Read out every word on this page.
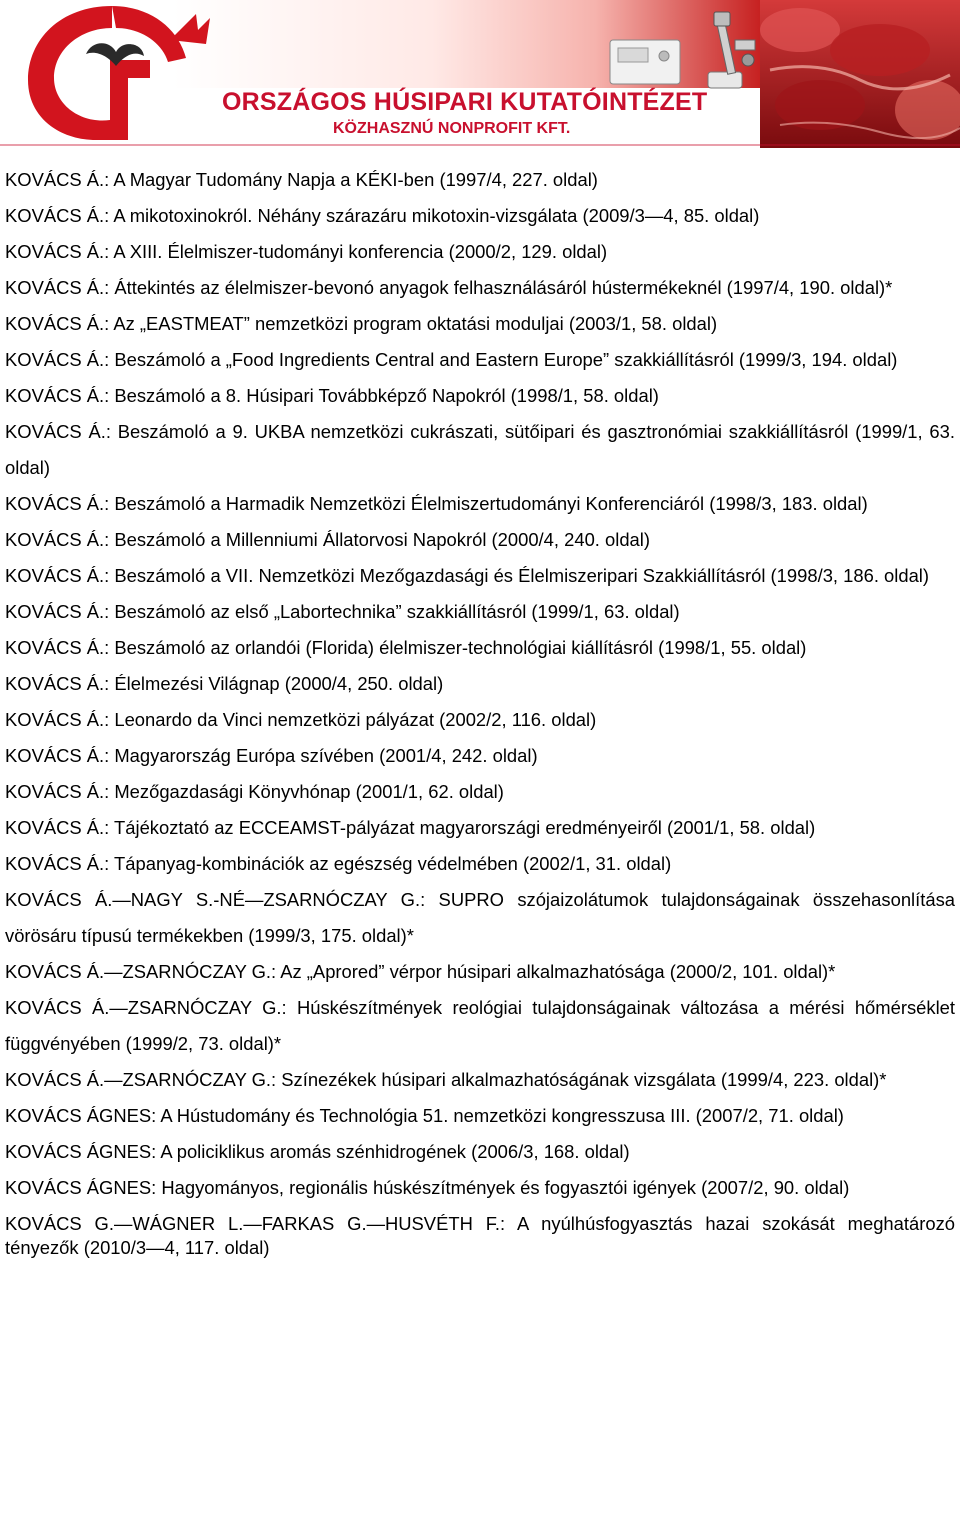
ORSZÁGOS HÚSIPARI KUTATÓINTÉZET
KÖZHASZNÚ NONPROFIT KFT.

KOVÁCS Á.: A Magyar Tudomány Napja a KÉKI-ben (1997/4, 227. oldal)

KOVÁCS Á.: A mikotoxinokról. Néhány szárazáru mikotoxin-vizsgálata (2009/3—4, 85. oldal)

KOVÁCS Á.: A XIII. Élelmiszer-tudományi konferencia (2000/2, 129. oldal)

KOVÁCS Á.: Áttekintés az élelmiszer-bevonó anyagok felhasználásáról hústermékeknél (1997/4, 190. oldal)*

KOVÁCS Á.: Az „EASTMEAT” nemzetközi program oktatási moduljai (2003/1, 58. oldal)

KOVÁCS Á.: Beszámoló a „Food Ingredients Central and Eastern Europe” szakkiállításról (1999/3, 194. oldal)

KOVÁCS Á.: Beszámoló a 8. Húsipari Továbbképző Napokról (1998/1, 58. oldal)

KOVÁCS Á.: Beszámoló a 9. UKBA nemzetközi cukrászati, sütőipari és gasztronómiai szakkiállításról (1999/1, 63. oldal)

KOVÁCS Á.: Beszámoló a Harmadik Nemzetközi Élelmiszertudományi Konferenciáról (1998/3, 183. oldal)

KOVÁCS Á.: Beszámoló a Millenniumi Állatorvosi Napokról (2000/4, 240. oldal)

KOVÁCS Á.: Beszámoló a VII. Nemzetközi Mezőgazdasági és Élelmiszeripari Szakkiállításról (1998/3, 186. oldal)

KOVÁCS Á.: Beszámoló az első „Labortechnika” szakkiállításról (1999/1, 63. oldal)

KOVÁCS Á.: Beszámoló az orlandói (Florida) élelmiszer-technológiai kiállításról (1998/1, 55. oldal)

KOVÁCS Á.: Élelmezési Világnap (2000/4, 250. oldal)

KOVÁCS Á.: Leonardo da Vinci nemzetközi pályázat (2002/2, 116. oldal)

KOVÁCS Á.: Magyarország Európa szívében (2001/4, 242. oldal)

KOVÁCS Á.: Mezőgazdasági Könyvhónap (2001/1, 62. oldal)

KOVÁCS Á.: Tájékoztató az ECCEAMST-pályázat magyarországi eredményeiről (2001/1, 58. oldal)

KOVÁCS Á.: Tápanyag-kombinációk az egészség védelmében (2002/1, 31. oldal)

KOVÁCS Á.—NAGY S.-NÉ—ZSARNÓCZAY G.: SUPRO szójaizolátumok tulajdonságainak összehasonlítása vörösáru típusú termékekben (1999/3, 175. oldal)*

KOVÁCS Á.—ZSARNÓCZAY G.: Az „Aprored” vérpor húsipari alkalmazhatósága (2000/2, 101. oldal)*

KOVÁCS Á.—ZSARNÓCZAY G.: Húskészítmények reológiai tulajdonságainak változása a mérési hőmérséklet függvényében (1999/2, 73. oldal)*

KOVÁCS Á.—ZSARNÓCZAY G.: Színezékek húsipari alkalmazhatóságának vizsgálata (1999/4, 223. oldal)*

KOVÁCS ÁGNES: A Hústudomány és Technológia 51. nemzetközi kongresszusa III. (2007/2, 71. oldal)

KOVÁCS ÁGNES: A policiklikus aromás szénhidrogének (2006/3, 168. oldal)

KOVÁCS ÁGNES: Hagyományos, regionális húskészítmények és fogyasztói igények (2007/2, 90. oldal)

KOVÁCS G.—WÁGNER L.—FARKAS G.—HUSVÉTH F.: A nyúlhúsfogyasztás hazai szokását meghatározó tényezők (2010/3—4, 117. oldal)
